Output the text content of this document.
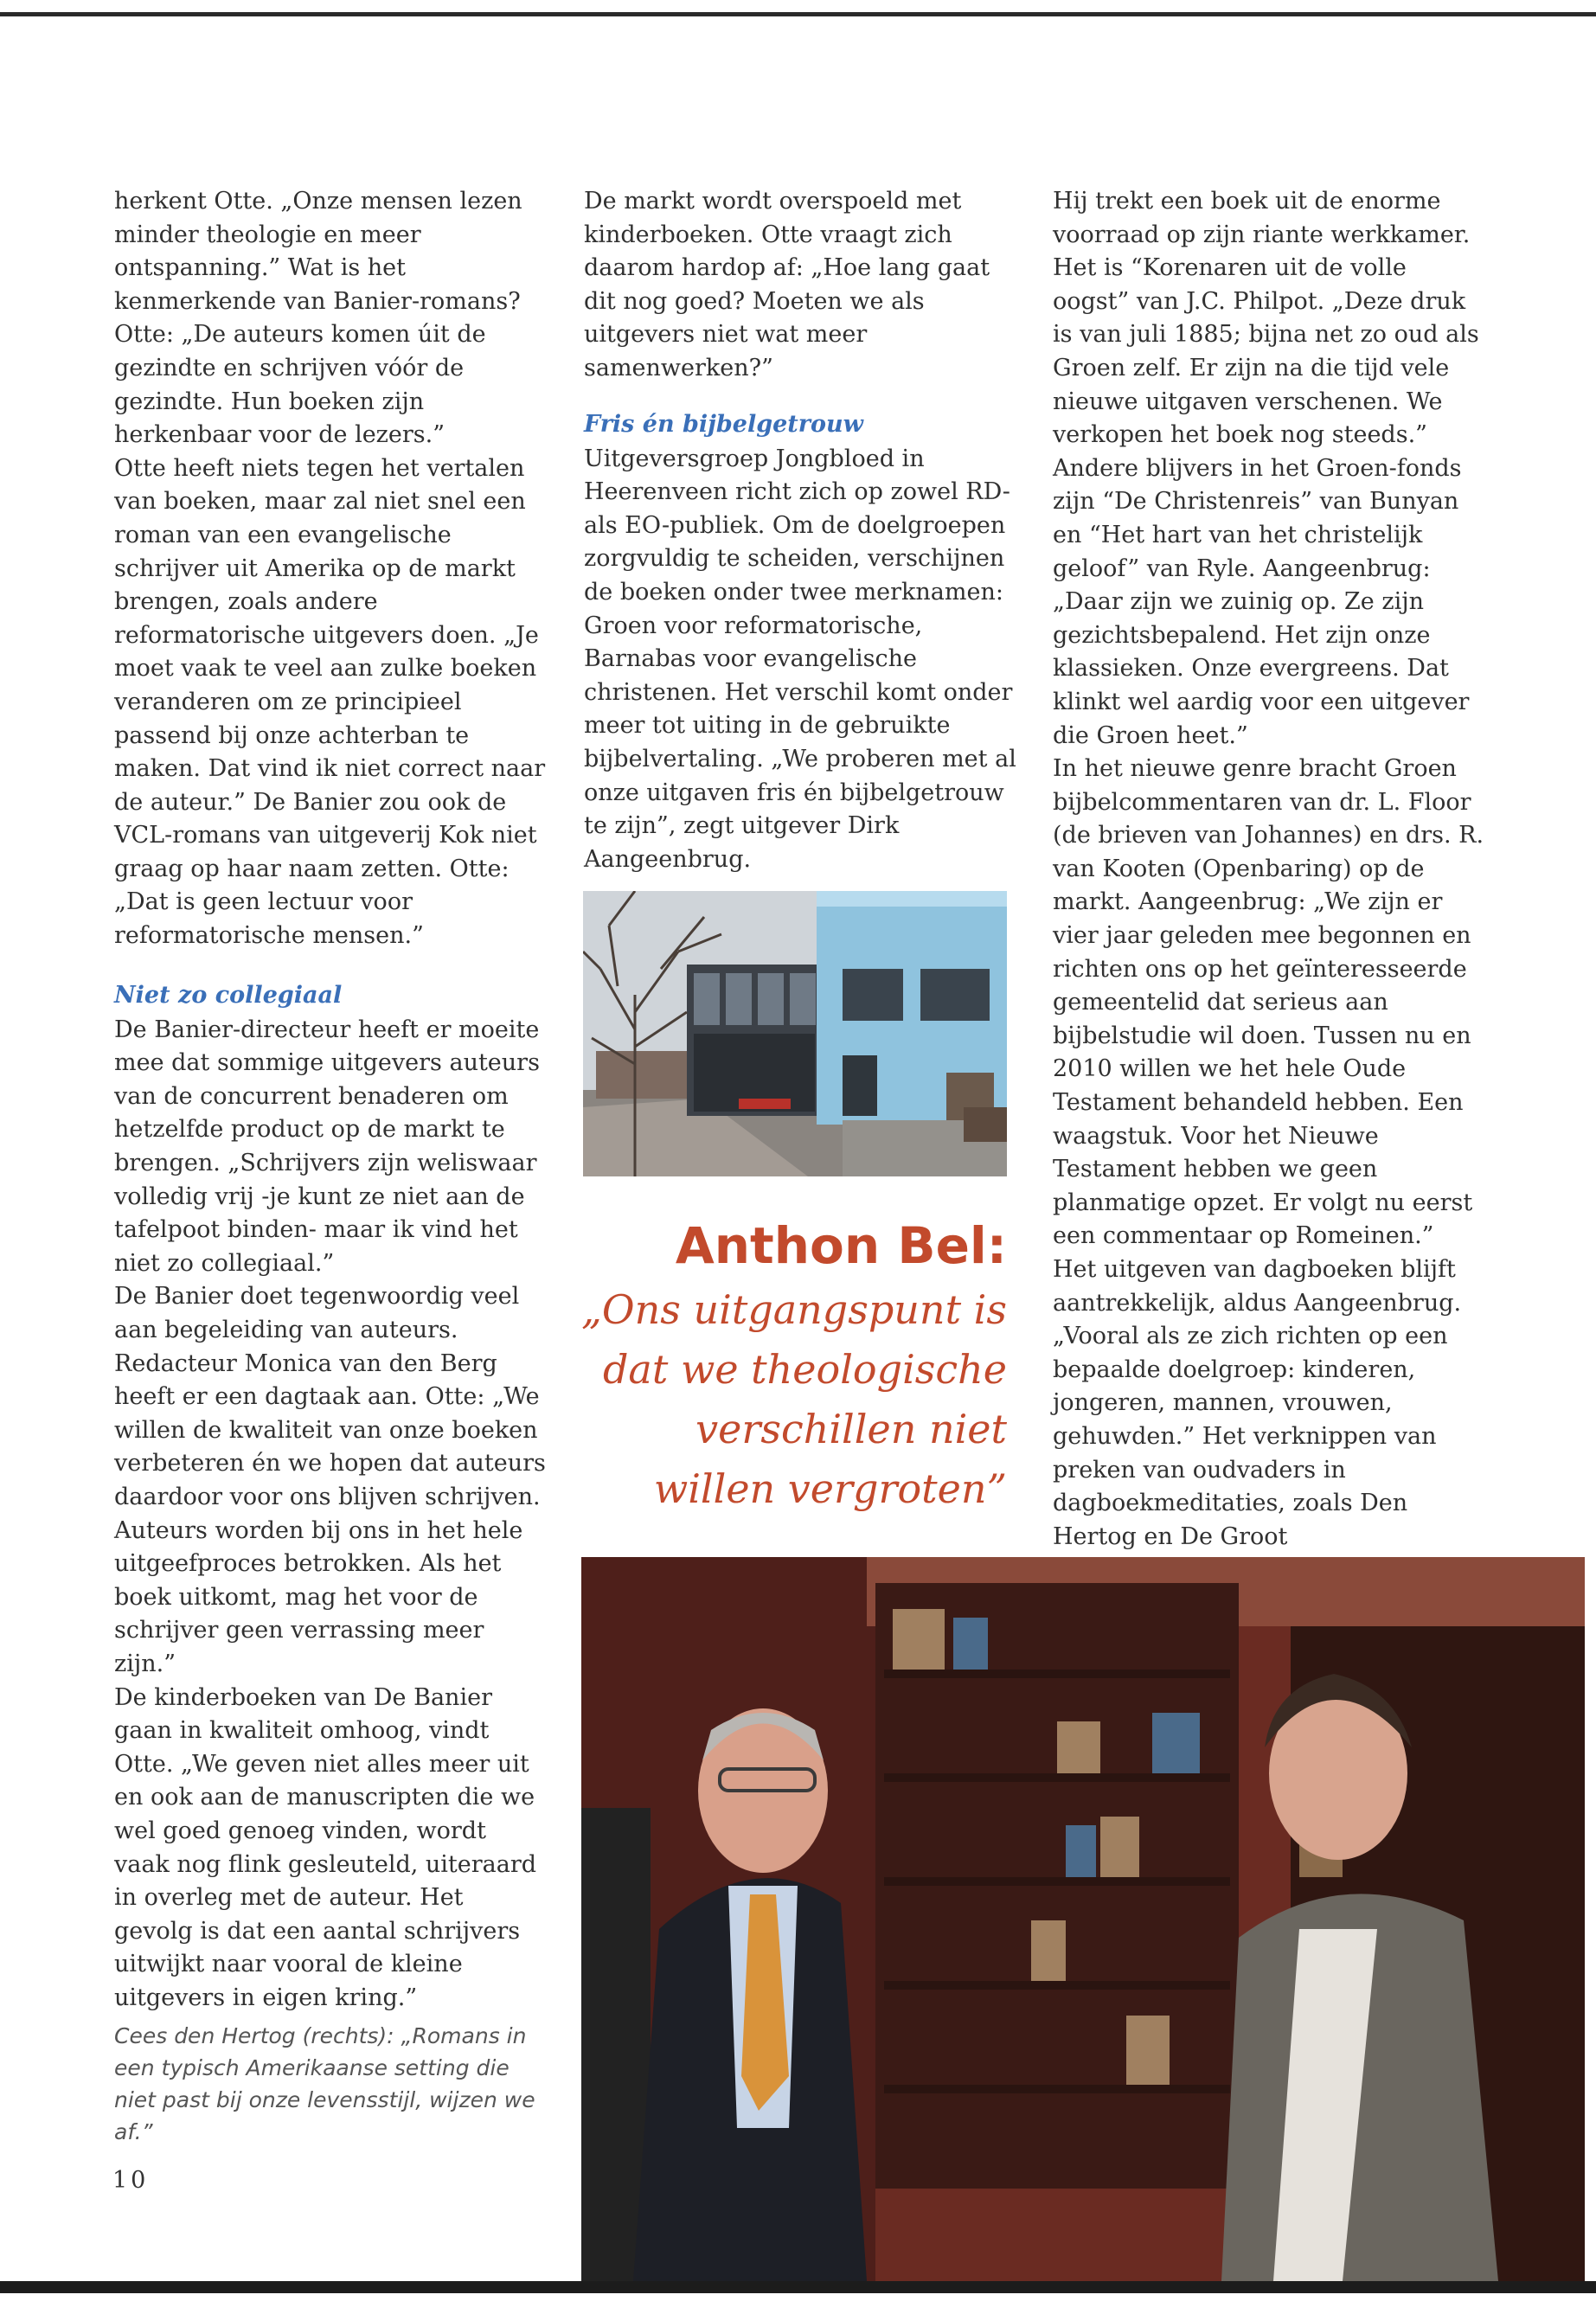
herkent Otte. „Onze mensen lezen minder theologie en meer ontspanning.” Wat is het kenmerkende van Banier-romans? Otte: „De auteurs komen úit de gezindte en schrijven vóór de gezindte. Hun boeken zijn herkenbaar voor de lezers.”

Otte heeft niets tegen het vertalen van boeken, maar zal niet snel een roman van een evangelische schrijver uit Amerika op de markt brengen, zoals andere reformatorische uitgevers doen. „Je moet vaak te veel aan zulke boeken veranderen om ze principieel passend bij onze achterban te maken. Dat vind ik niet correct naar de auteur.” De Banier zou ook de VCL-romans van uitgeverij Kok niet graag op haar naam zetten. Otte: „Dat is geen lectuur voor reformatorische mensen.”

Niet zo collegiaal

De Banier-directeur heeft er moeite mee dat sommige uitgevers auteurs van de concurrent benaderen om hetzelfde product op de markt te brengen. „Schrijvers zijn weliswaar volledig vrij -je kunt ze niet aan de tafelpoot binden- maar ik vind het niet zo collegiaal.”

De Banier doet tegenwoordig veel aan begeleiding van auteurs. Redacteur Monica van den Berg heeft er een dagtaak aan. Otte: „We willen de kwaliteit van onze boeken verbeteren én we hopen dat auteurs daardoor voor ons blijven schrijven. Auteurs worden bij ons in het hele uitgeefproces betrokken. Als het boek uitkomt, mag het voor de schrijver geen verrassing meer zijn.”

De kinderboeken van De Banier gaan in kwaliteit omhoog, vindt Otte. „We geven niet alles meer uit en ook aan de manuscripten die we wel goed genoeg vinden, wordt vaak nog flink gesleuteld, uiteraard in overleg met de auteur. Het gevolg is dat een aantal schrijvers uitwijkt naar vooral de kleine uitgevers in eigen kring.”

Cees den Hertog (rechts): „Romans in een typisch Amerikaanse setting die niet past bij onze levensstijl, wijzen we af.”
10

De markt wordt overspoeld met kinderboeken. Otte vraagt zich daarom hardop af: „Hoe lang gaat dit nog goed? Moeten we als uitgevers niet wat meer samenwerken?”

Fris én bijbelgetrouw

Uitgeversgroep Jongbloed in Heerenveen richt zich op zowel RD- als EO-publiek. Om de doelgroepen zorgvuldig te scheiden, verschijnen de boeken onder twee merknamen: Groen voor reformatorische, Barnabas voor evangelische christenen. Het verschil komt onder meer tot uiting in de gebruikte bijbelvertaling. „We proberen met al onze uitgaven fris én bijbelgetrouw te zijn”, zegt uitgever Dirk Aangeenbrug.

Anthon Bel:
„Ons uitgangspunt is dat we theologische verschillen niet willen vergroten”

Hij trekt een boek uit de enorme voorraad op zijn riante werkkamer. Het is “Korenaren uit de volle oogst” van J.C. Philpot. „Deze druk is van juli 1885; bijna net zo oud als Groen zelf. Er zijn na die tijd vele nieuwe uitgaven verschenen. We verkopen het boek nog steeds.”

Andere blijvers in het Groen-fonds zijn “De Christenreis” van Bunyan en “Het hart van het christelijk geloof” van Ryle. Aangeenbrug: „Daar zijn we zuinig op. Ze zijn gezichtsbepalend. Het zijn onze klassieken. Onze evergreens. Dat klinkt wel aardig voor een uitgever die Groen heet.”

In het nieuwe genre bracht Groen bijbelcommentaren van dr. L. Floor (de brieven van Johannes) en drs. R. van Kooten (Openbaring) op de markt. Aangeenbrug: „We zijn er vier jaar geleden mee begonnen en richten ons op het geïnteresseerde gemeentelid dat serieus aan bijbelstudie wil doen. Tussen nu en 2010 willen we het hele Oude Testament behandeld hebben. Een waagstuk. Voor het Nieuwe Testament hebben we geen planmatige opzet. Er volgt nu eerst een commentaar op Romeinen.”

Het uitgeven van dagboeken blijft aantrekkelijk, aldus Aangeenbrug. „Vooral als ze zich richten op een bepaalde doelgroep: kinderen, jongeren, mannen, vrouwen, gehuwden.” Het verknippen van preken van oudvaders in dagboekmeditaties, zoals Den Hertog en De Groot
